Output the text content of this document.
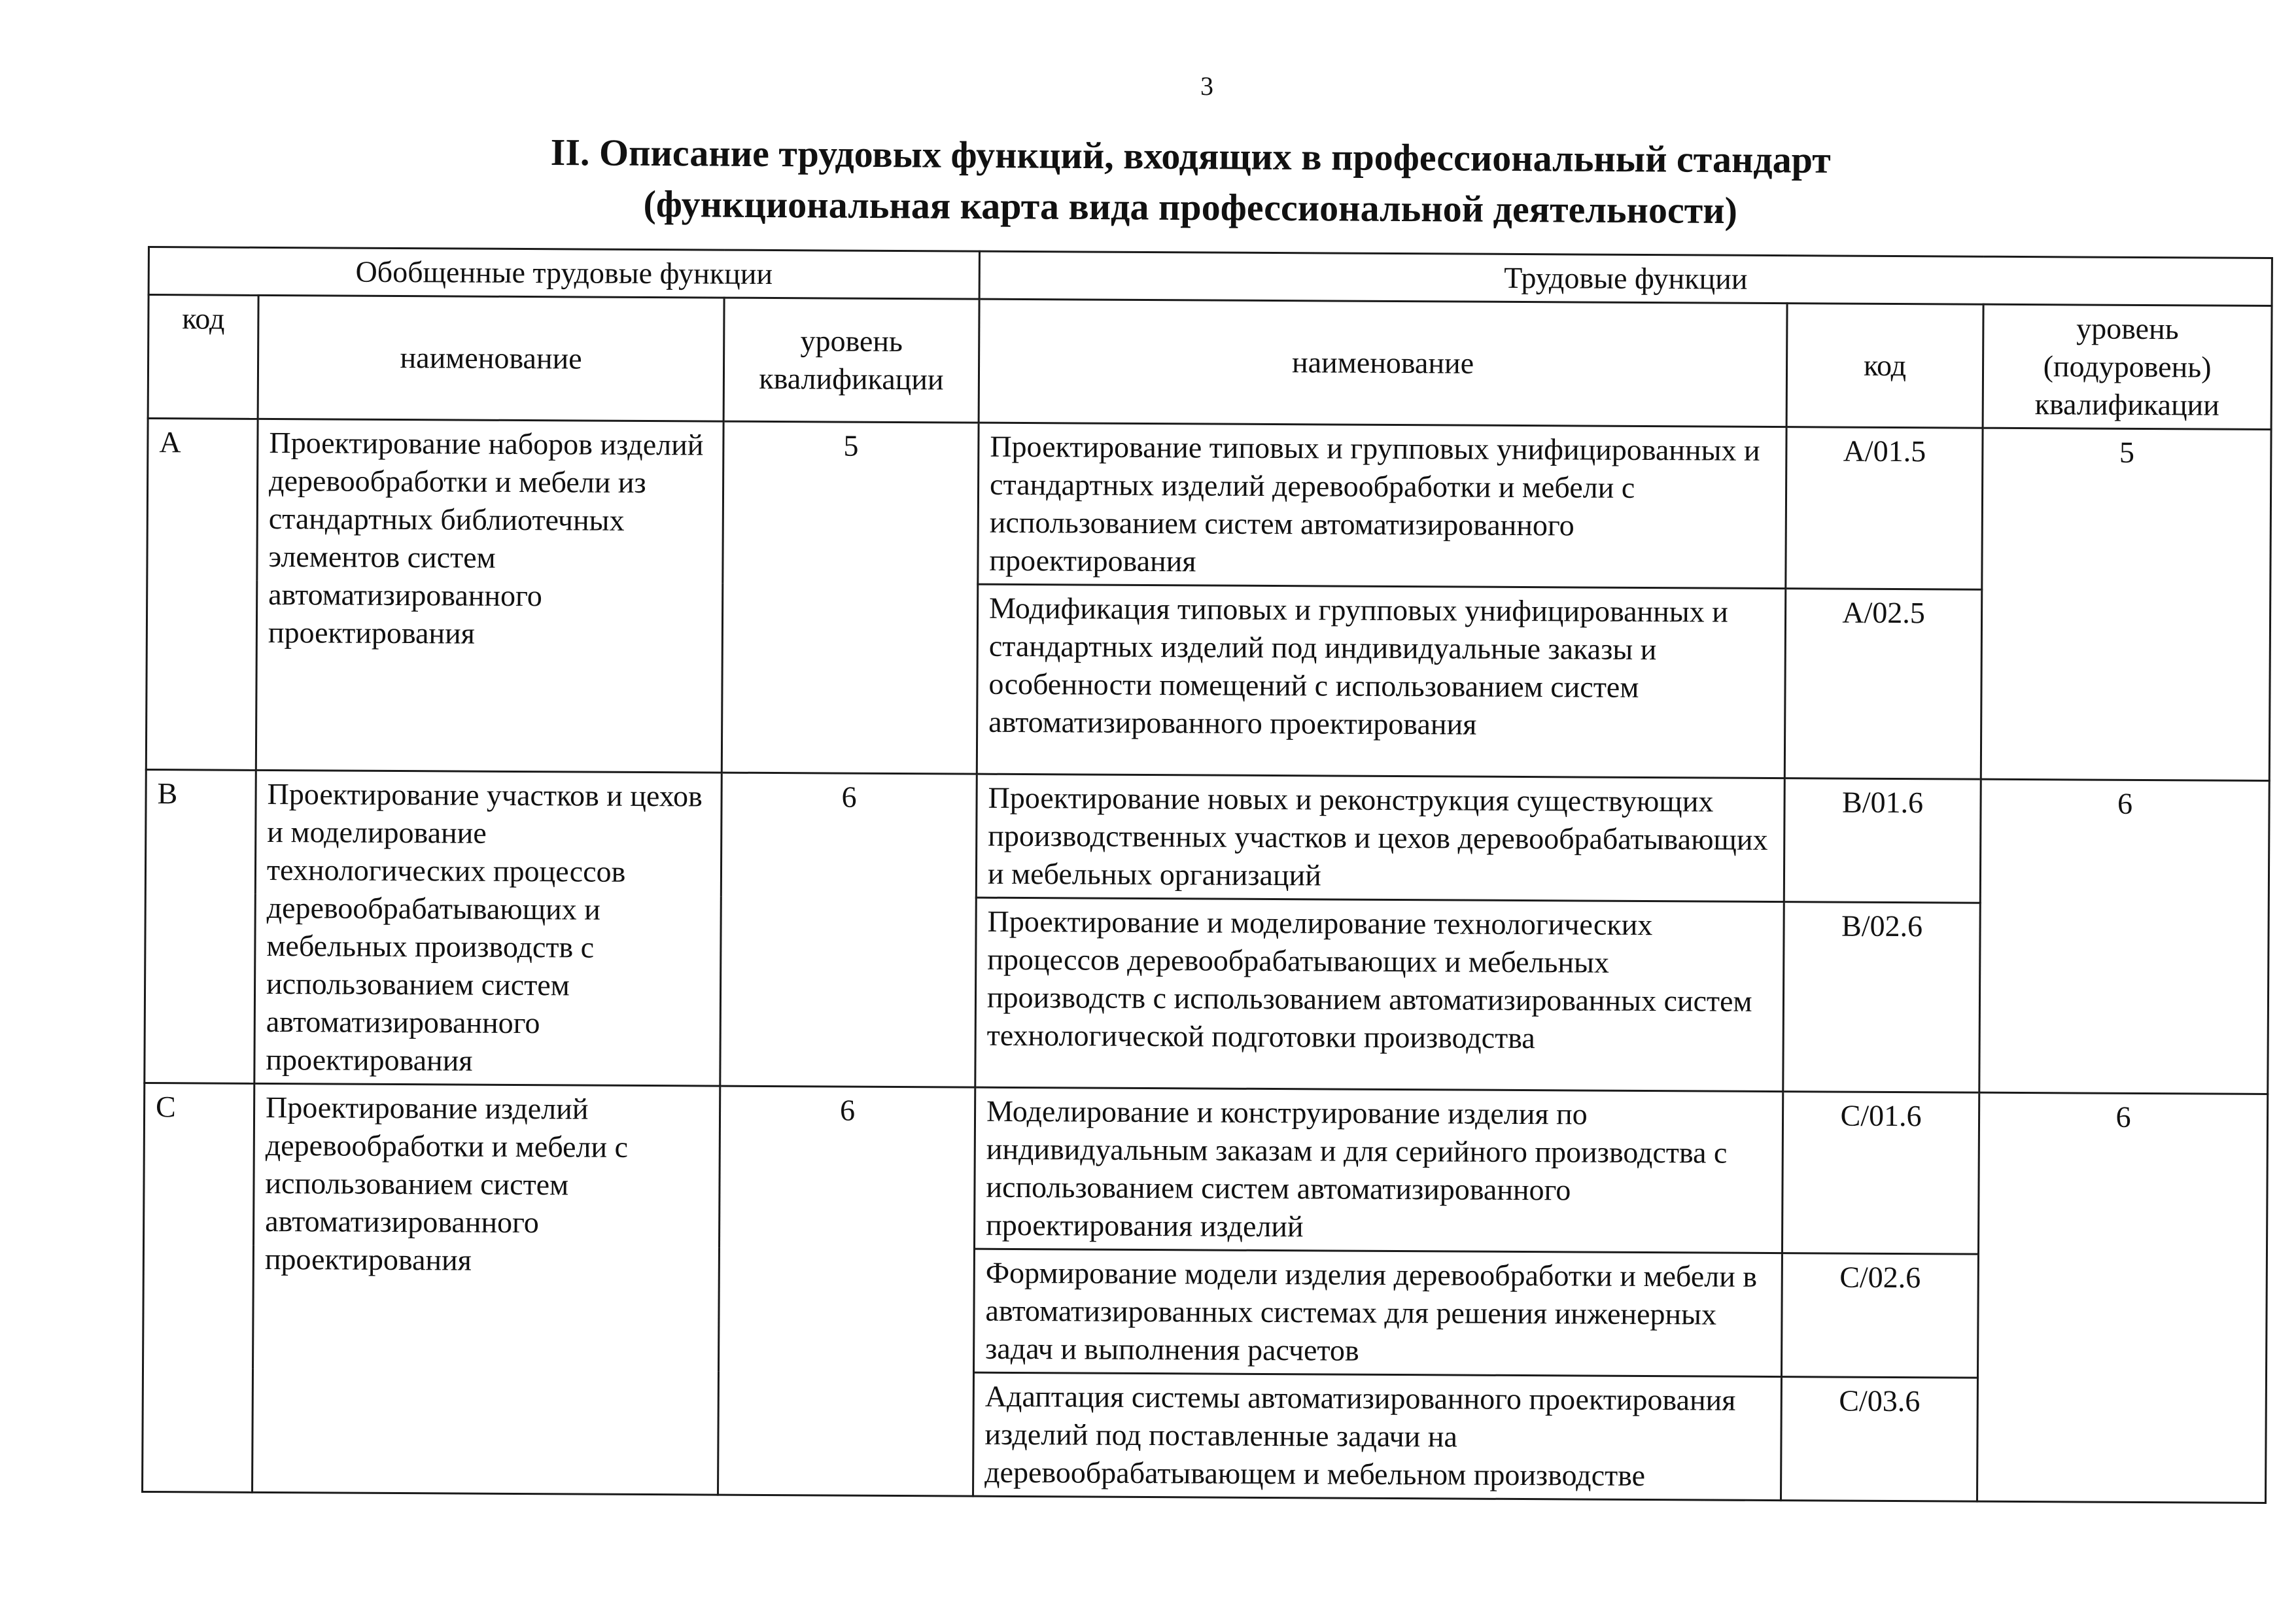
3
II. Описание трудовых функций, входящих в профессиональный стандарт
(функциональная карта вида профессиональной деятельности)
Обобщенные трудовые функции			Трудовые функции		
код	наименование	уровень квалификации	наименование	код	уровень (подуровень) квалификации
A	Проектирование наборов изделий деревообработки и мебели из стандартных библиотечных элементов систем автоматизированного проектирования	5	Проектирование типовых и групповых унифицированных и стандартных изделий деревообработки и мебели с использованием систем автоматизированного проектирования	A/01.5	5
			Модификация типовых и групповых унифицированных и стандартных изделий под индивидуальные заказы и особенности помещений с использованием систем автоматизированного проектирования	A/02.5	
B	Проектирование участков и цехов и моделирование технологических процессов деревообрабатывающих и мебельных производств с использованием систем автоматизированного проектирования	6	Проектирование новых и реконструкция существующих производственных участков и цехов деревообрабатывающих и мебельных организаций	B/01.6	6
			Проектирование и моделирование технологических процессов деревообрабатывающих и мебельных производств с использованием автоматизированных систем технологической подготовки производства	B/02.6	
C	Проектирование изделий деревообработки и мебели с использованием систем автоматизированного проектирования	6	Моделирование и конструирование изделия по индивидуальным заказам и для серийного производства с использованием систем автоматизированного проектирования изделий	C/01.6	6
			Формирование модели изделия деревообработки и мебели в автоматизированных системах для решения инженерных задач и выполнения расчетов	C/02.6	
			Адаптация системы автоматизированного проектирования изделий под поставленные задачи на деревообрабатывающем и мебельном производстве	C/03.6	
